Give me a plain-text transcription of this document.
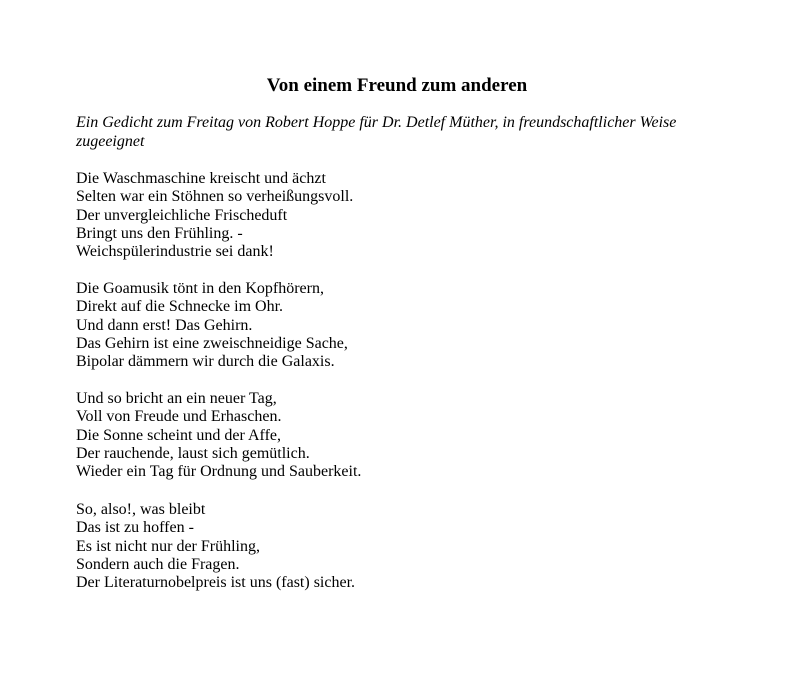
Von einem Freund zum anderen

Ein Gedicht zum Freitag von Robert Hoppe für Dr. Detlef Müther, in freundschaftlicher Weise zugeeignet

Die Waschmaschine kreischt und ächzt
Selten war ein Stöhnen so verheißungsvoll.
Der unvergleichliche Frischeduft
Bringt uns den Frühling. -
Weichspülerindustrie sei dank!
Die Goamusik tönt in den Kopfhörern,
Direkt auf die Schnecke im Ohr.
Und dann erst! Das Gehirn.
Das Gehirn ist eine zweischneidige Sache,
Bipolar dämmern wir durch die Galaxis.
Und so bricht an ein neuer Tag,
Voll von Freude und Erhaschen.
Die Sonne scheint und der Affe,
Der rauchende, laust sich gemütlich.
Wieder ein Tag für Ordnung und Sauberkeit.
So, also!, was bleibt
Das ist zu hoffen -
Es ist nicht nur der Frühling,
Sondern auch die Fragen.
Der Literaturnobelpreis ist uns (fast) sicher.
